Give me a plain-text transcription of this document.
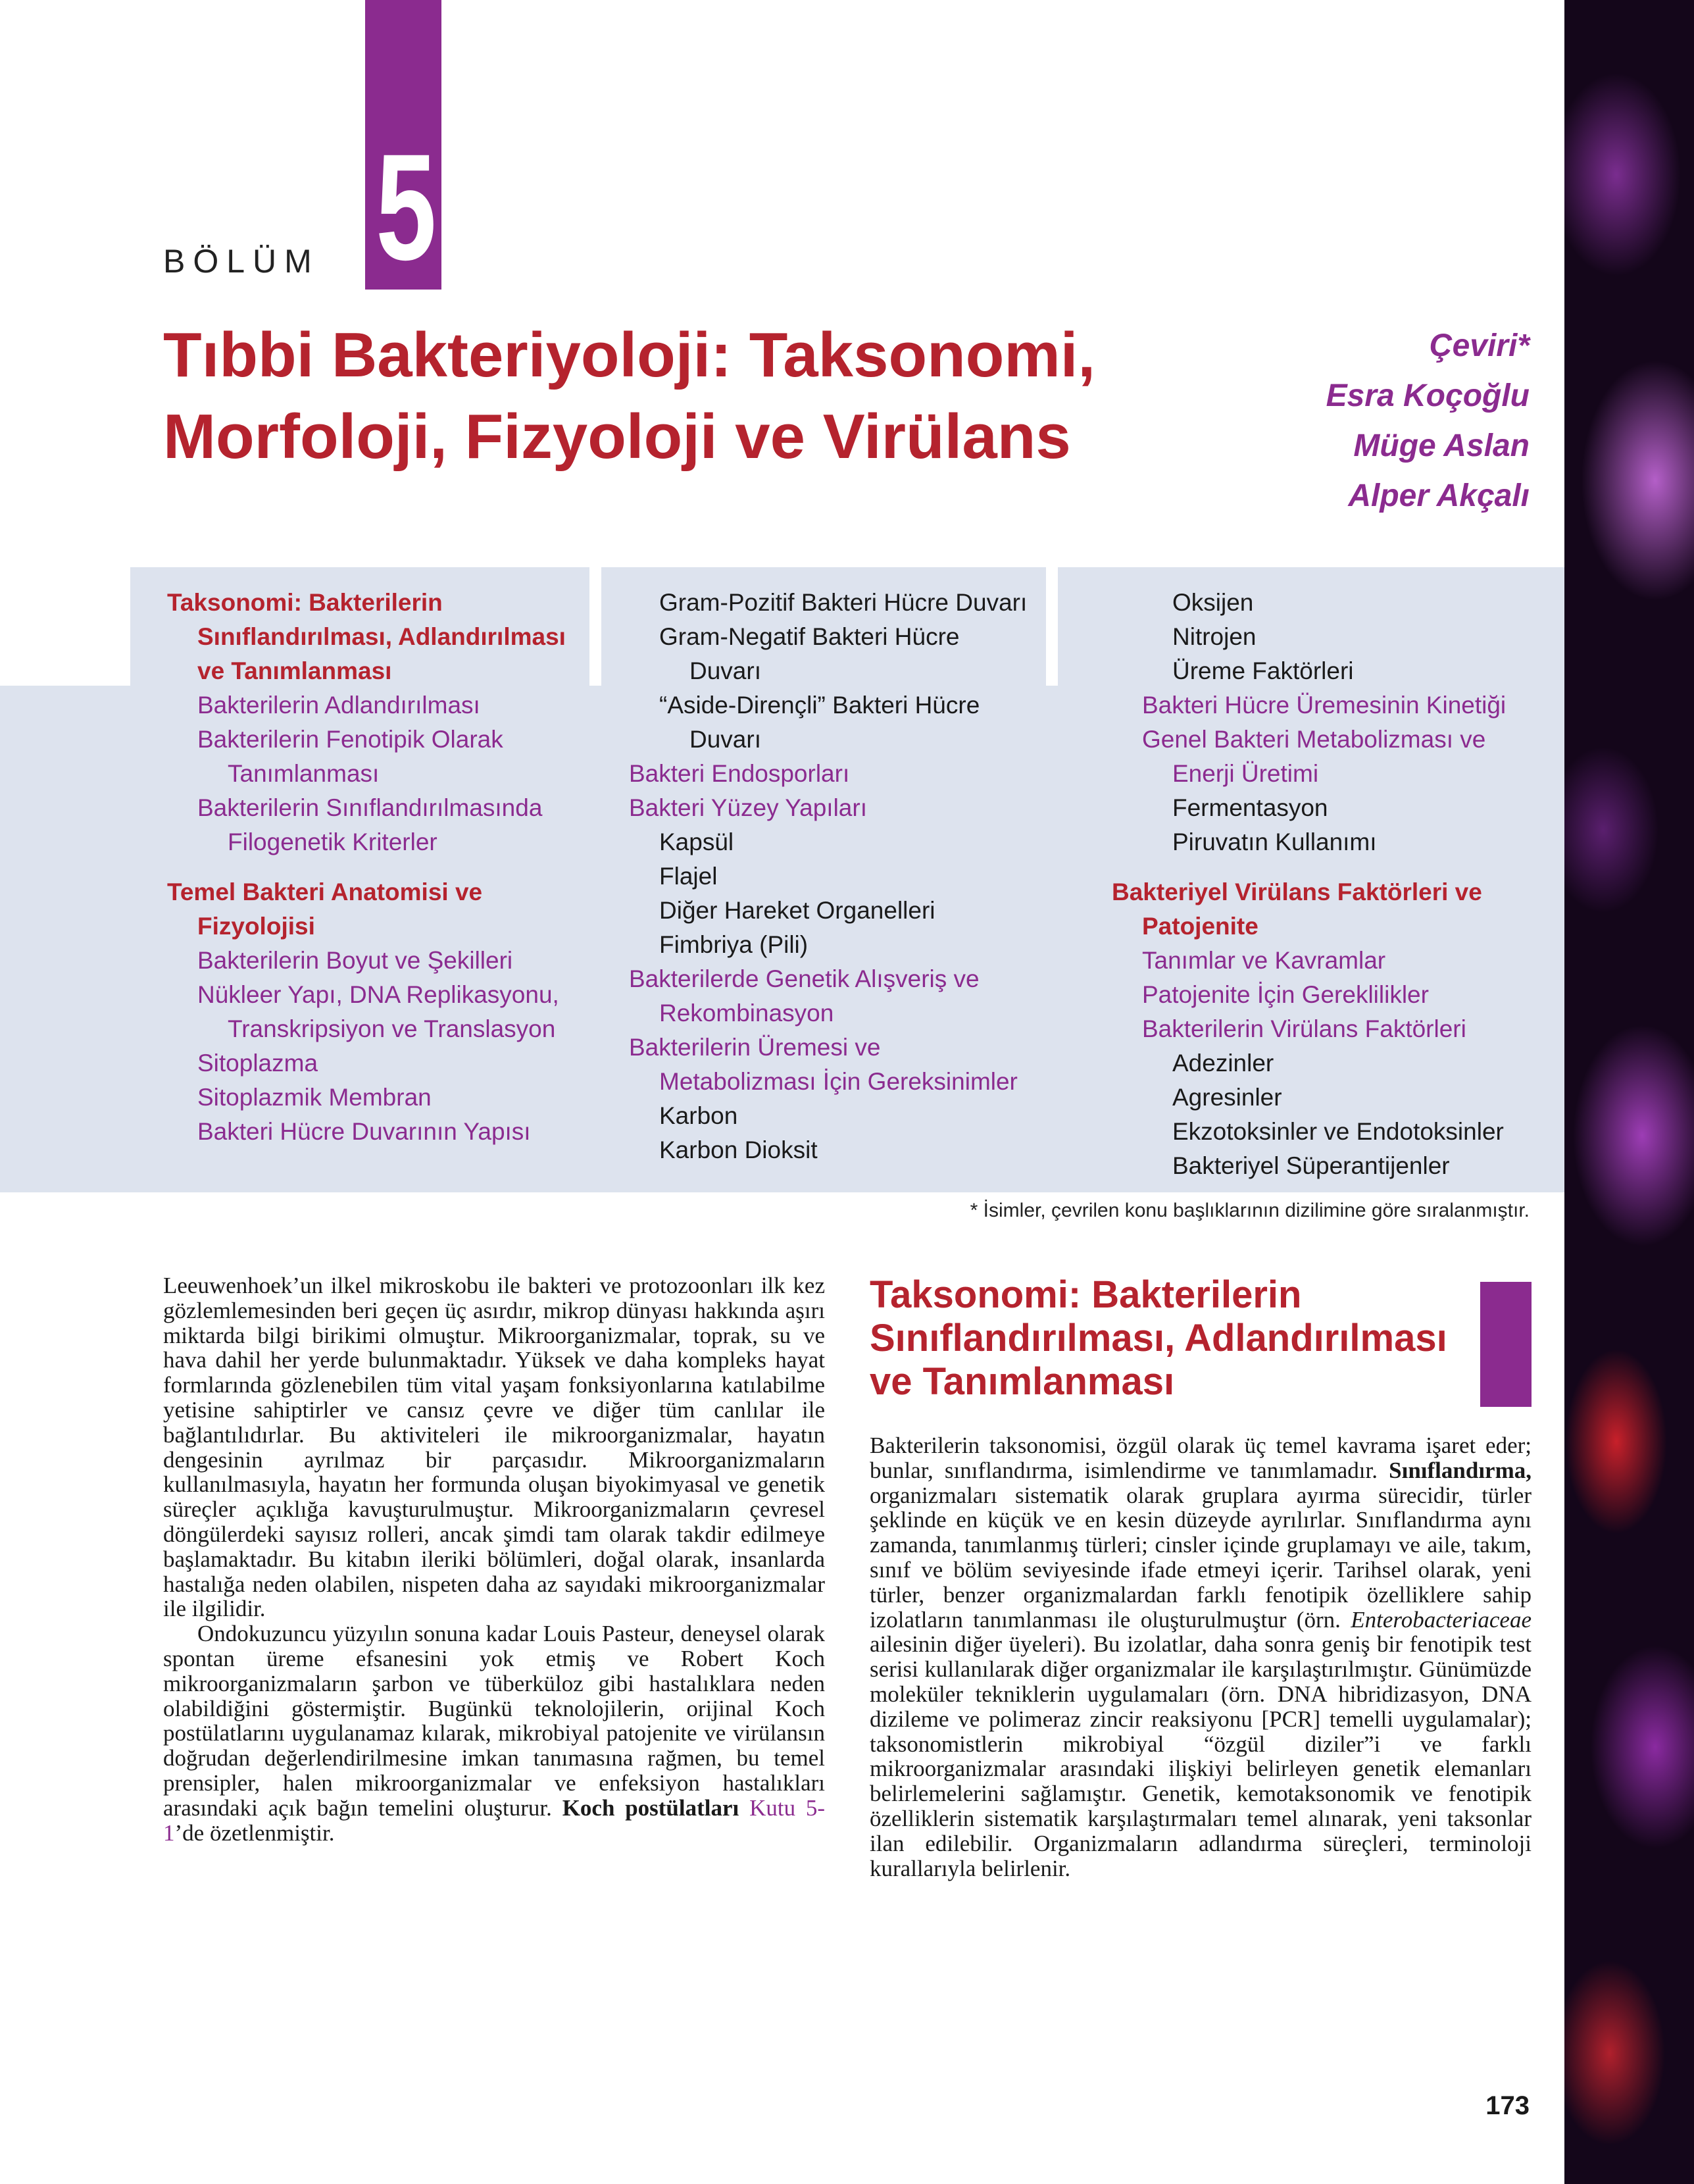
5
BÖLÜM
Tıbbi Bakteriyoloji: Taksonomi,
Morfoloji, Fizyoloji ve Virülans
Çeviri*
Esra Koçoğlu
Müge Aslan
Alper Akçalı
Taksonomi: Bakterilerin
Sınıflandırılması, Adlandırılması
ve Tanımlanması
Bakterilerin Adlandırılması
Bakterilerin Fenotipik Olarak
Tanımlanması
Bakterilerin Sınıflandırılmasında
Filogenetik Kriterler
Temel Bakteri Anatomisi ve
Fizyolojisi
Bakterilerin Boyut ve Şekilleri
Nükleer Yapı, DNA Replikasyonu,
Transkripsiyon ve Translasyon
Sitoplazma
Sitoplazmik Membran
Bakteri Hücre Duvarının Yapısı
Gram-Pozitif Bakteri Hücre Duvarı
Gram-Negatif Bakteri Hücre
Duvarı
“Aside-Dirençli” Bakteri Hücre
Duvarı
Bakteri Endosporları
Bakteri Yüzey Yapıları
Kapsül
Flajel
Diğer Hareket Organelleri
Fimbriya (Pili)
Bakterilerde Genetik Alışveriş ve
Rekombinasyon
Bakterilerin Üremesi ve
Metabolizması İçin Gereksinimler
Karbon
Karbon Dioksit
Oksijen
Nitrojen
Üreme Faktörleri
Bakteri Hücre Üremesinin Kinetiği
Genel Bakteri Metabolizması ve
Enerji Üretimi
Fermentasyon
Piruvatın Kullanımı
Bakteriyel Virülans Faktörleri ve
Patojenite
Tanımlar ve Kavramlar
Patojenite İçin Gereklilikler
Bakterilerin Virülans Faktörleri
Adezinler
Agresinler
Ekzotoksinler ve Endotoksinler
Bakteriyel Süperantijenler
* İsimler, çevrilen konu başlıklarının dizilimine göre sıralanmıştır.

Leeuwenhoek’un ilkel mikroskobu ile bakteri ve protozoonları ilk kez gözlemlemesinden beri geçen üç asırdır, mikrop dünyası hakkında aşırı miktarda bilgi birikimi olmuştur. Mikroorganizmalar, toprak, su ve hava dahil her yerde bulunmaktadır. Yüksek ve daha kompleks hayat formlarında gözlenebilen tüm vital yaşam fonksiyonlarına katılabilme yetisine sahiptirler ve cansız çevre ve diğer tüm canlılar ile bağlantılıdırlar. Bu aktiviteleri ile mikroorganizmalar, hayatın dengesinin ayrılmaz bir parçasıdır. Mikroorganizmaların kullanılmasıyla, hayatın her formunda oluşan biyokimyasal ve genetik süreçler açıklığa kavuşturulmuştur. Mikroorganizmaların çevresel döngülerdeki sayısız rolleri, ancak şimdi tam olarak takdir edilmeye başlamaktadır. Bu kitabın ileriki bölümleri, doğal olarak, insanlarda hastalığa neden olabilen, nispeten daha az sayıdaki mikroorganizmalar ile ilgilidir.

Ondokuzuncu yüzyılın sonuna kadar Louis Pasteur, deneysel olarak spontan üreme efsanesini yok etmiş ve Robert Koch mikroorganizmaların şarbon ve tüberküloz gibi hastalıklara neden olabildiğini göstermiştir. Bugünkü teknolojilerin, orijinal Koch postülatlarını uygulanamaz kılarak, mikrobiyal patojenite ve virülansın doğrudan değerlendirilmesine imkan tanımasına rağmen, bu temel prensipler, halen mikroorganizmalar ve enfeksiyon hastalıkları arasındaki açık bağın temelini oluşturur. Koch postülatları Kutu 5-1’de özetlenmiştir.

Taksonomi: Bakterilerin
Sınıflandırılması, Adlandırılması
ve Tanımlanması

Bakterilerin taksonomisi, özgül olarak üç temel kavrama işaret eder; bunlar, sınıflandırma, isimlendirme ve tanımlamadır. Sınıflandırma, organizmaları sistematik olarak gruplara ayırma sürecidir, türler şeklinde en küçük ve en kesin düzeyde ayrılırlar. Sınıflandırma aynı zamanda, tanımlanmış türleri; cinsler içinde gruplamayı ve aile, takım, sınıf ve bölüm seviyesinde ifade etmeyi içerir. Tarihsel olarak, yeni türler, benzer organizmalardan farklı fenotipik özelliklere sahip izolatların tanımlanması ile oluşturulmuştur (örn. Enterobacteriaceae ailesinin diğer üyeleri). Bu izolatlar, daha sonra geniş bir fenotipik test serisi kullanılarak diğer organizmalar ile karşılaştırılmıştır. Günümüzde moleküler tekniklerin uygulamaları (örn. DNA hibridizasyon, DNA dizileme ve polimeraz zincir reaksiyonu [PCR] temelli uygulamalar); taksonomistlerin mikrobiyal “özgül diziler”i ve farklı mikroorganizmalar arasındaki ilişkiyi belirleyen genetik elemanları belirlemelerini sağlamıştır. Genetik, kemotaksonomik ve fenotipik özelliklerin sistematik karşılaştırmaları temel alınarak, yeni taksonlar ilan edilebilir. Organizmaların adlandırma süreçleri, terminoloji kurallarıyla belirlenir.

173
